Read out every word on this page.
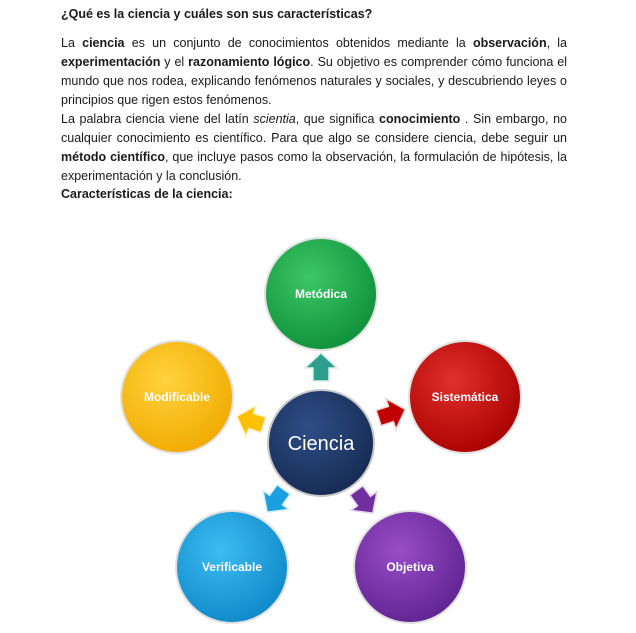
¿Qué es la ciencia y cuáles son sus características?

La ciencia es un conjunto de conocimientos obtenidos mediante la observación, la experimentación y el razonamiento lógico. Su objetivo es comprender cómo funciona el mundo que nos rodea, explicando fenómenos naturales y sociales, y descubriendo leyes o principios que rigen estos fenómenos.

La palabra ciencia viene del latín scientia, que significa conocimiento . Sin embargo, no cualquier conocimiento es científico. Para que algo se considere ciencia, debe seguir un método científico, que incluye pasos como la observación, la formulación de hipótesis, la experimentación y la conclusión.

Características de la ciencia:

Metódica
Sistemática
Objetiva
Verificable
Modificable
Ciencia
